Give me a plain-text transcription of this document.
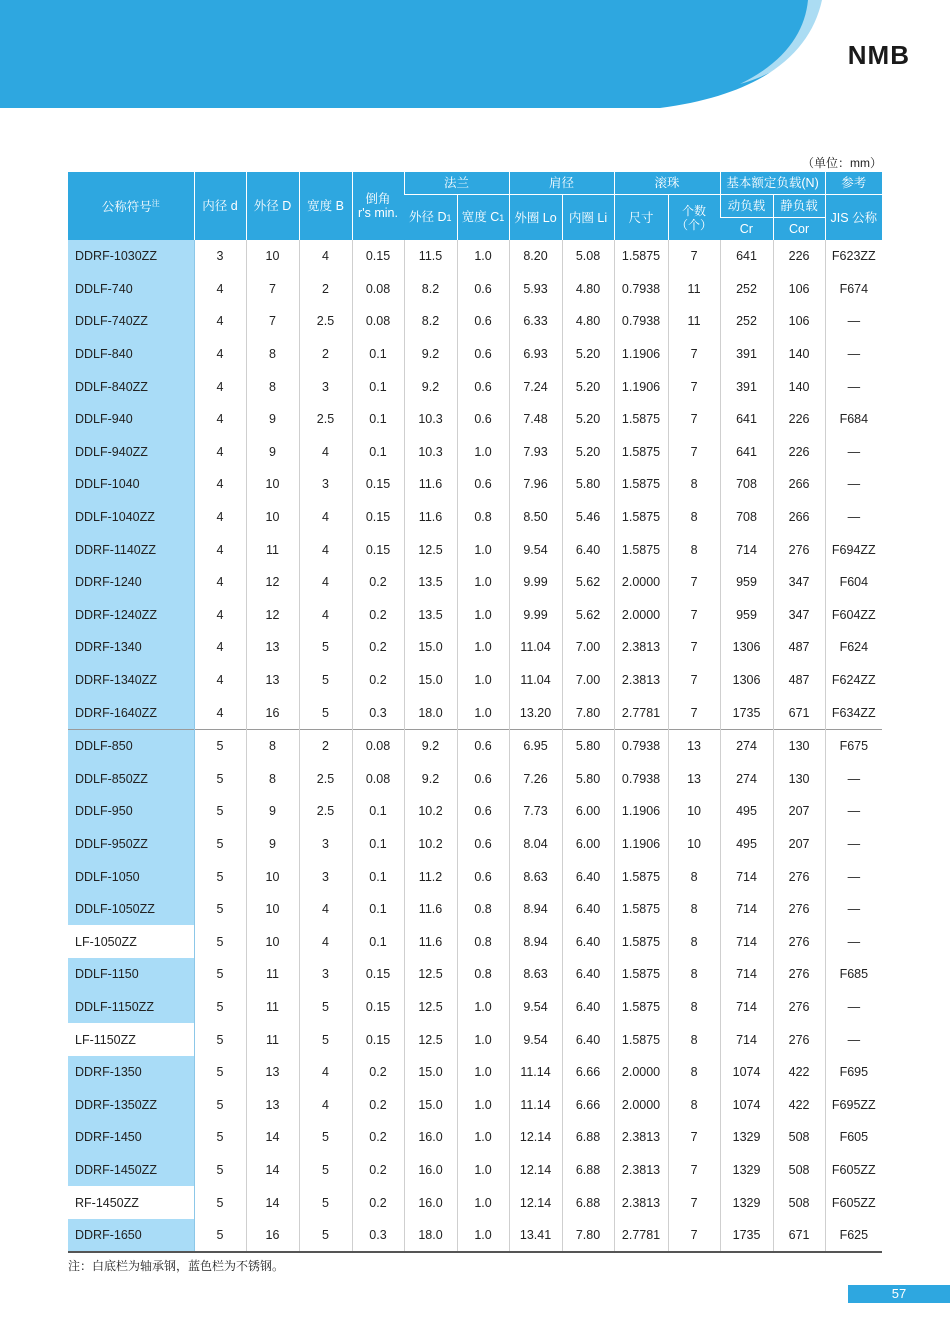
NMB
（单位：mm）
公称符号$^注$	内径 d	外径 D	宽度 B	倒角
r's min.	法兰		肩径		滚珠		基本额定负载(N)		参考
					外径 D1	宽度 C1	外圈 Lo	内圈 Li	尺寸	个数（个）	动负载	静负载	JIS 公称
											Cr	Cor	
DDRF-1030ZZ	3	10	4	0.15	11.5	1.0	8.20	5.08	1.5875	7	641	226	F623ZZ
DDLF-740	4	7	2	0.08	8.2	0.6	5.93	4.80	0.7938	11	252	106	F674
DDLF-740ZZ	4	7	2.5	0.08	8.2	0.6	6.33	4.80	0.7938	11	252	106	—
DDLF-840	4	8	2	0.1	9.2	0.6	6.93	5.20	1.1906	7	391	140	—
DDLF-840ZZ	4	8	3	0.1	9.2	0.6	7.24	5.20	1.1906	7	391	140	—
DDLF-940	4	9	2.5	0.1	10.3	0.6	7.48	5.20	1.5875	7	641	226	F684
DDLF-940ZZ	4	9	4	0.1	10.3	1.0	7.93	5.20	1.5875	7	641	226	—
DDLF-1040	4	10	3	0.15	11.6	0.6	7.96	5.80	1.5875	8	708	266	—
DDLF-1040ZZ	4	10	4	0.15	11.6	0.8	8.50	5.46	1.5875	8	708	266	—
DDRF-1140ZZ	4	11	4	0.15	12.5	1.0	9.54	6.40	1.5875	8	714	276	F694ZZ
DDRF-1240	4	12	4	0.2	13.5	1.0	9.99	5.62	2.0000	7	959	347	F604
DDRF-1240ZZ	4	12	4	0.2	13.5	1.0	9.99	5.62	2.0000	7	959	347	F604ZZ
DDRF-1340	4	13	5	0.2	15.0	1.0	11.04	7.00	2.3813	7	1306	487	F624
DDRF-1340ZZ	4	13	5	0.2	15.0	1.0	11.04	7.00	2.3813	7	1306	487	F624ZZ
DDRF-1640ZZ	4	16	5	0.3	18.0	1.0	13.20	7.80	2.7781	7	1735	671	F634ZZ
DDLF-850	5	8	2	0.08	9.2	0.6	6.95	5.80	0.7938	13	274	130	F675
DDLF-850ZZ	5	8	2.5	0.08	9.2	0.6	7.26	5.80	0.7938	13	274	130	—
DDLF-950	5	9	2.5	0.1	10.2	0.6	7.73	6.00	1.1906	10	495	207	—
DDLF-950ZZ	5	9	3	0.1	10.2	0.6	8.04	6.00	1.1906	10	495	207	—
DDLF-1050	5	10	3	0.1	11.2	0.6	8.63	6.40	1.5875	8	714	276	—
DDLF-1050ZZ	5	10	4	0.1	11.6	0.8	8.94	6.40	1.5875	8	714	276	—
LF-1050ZZ	5	10	4	0.1	11.6	0.8	8.94	6.40	1.5875	8	714	276	—
DDLF-1150	5	11	3	0.15	12.5	0.8	8.63	6.40	1.5875	8	714	276	F685
DDLF-1150ZZ	5	11	5	0.15	12.5	1.0	9.54	6.40	1.5875	8	714	276	—
LF-1150ZZ	5	11	5	0.15	12.5	1.0	9.54	6.40	1.5875	8	714	276	—
DDRF-1350	5	13	4	0.2	15.0	1.0	11.14	6.66	2.0000	8	1074	422	F695
DDRF-1350ZZ	5	13	4	0.2	15.0	1.0	11.14	6.66	2.0000	8	1074	422	F695ZZ
DDRF-1450	5	14	5	0.2	16.0	1.0	12.14	6.88	2.3813	7	1329	508	F605
DDRF-1450ZZ	5	14	5	0.2	16.0	1.0	12.14	6.88	2.3813	7	1329	508	F605ZZ
RF-1450ZZ	5	14	5	0.2	16.0	1.0	12.14	6.88	2.3813	7	1329	508	F605ZZ
DDRF-1650	5	16	5	0.3	18.0	1.0	13.41	7.80	2.7781	7	1735	671	F625
注：白底栏为轴承钢，蓝色栏为不锈钢。
57
